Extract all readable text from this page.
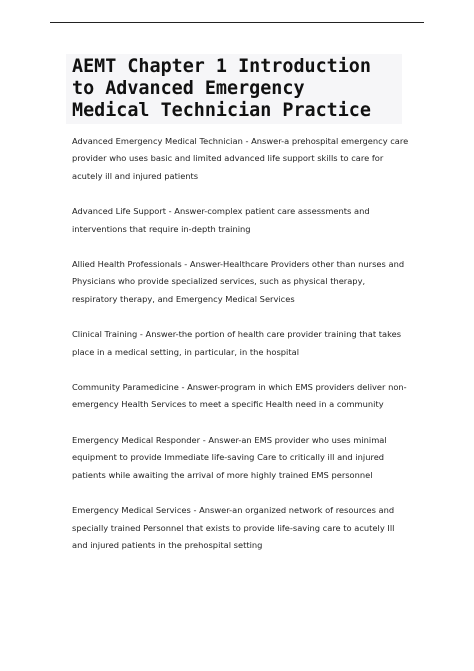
AEMT Chapter 1 Introduction
to Advanced Emergency
Medical Technician Practice

Advanced Emergency Medical Technician - Answer-a prehospital emergency care provider who uses basic and limited advanced life support skills to care for acutely ill and injured patients

Advanced Life Support - Answer-complex patient care assessments and interventions that require in-depth training

Allied Health Professionals - Answer-Healthcare Providers other than nurses and Physicians who provide specialized services, such as physical therapy, respiratory therapy, and Emergency Medical Services

Clinical Training - Answer-the portion of health care provider training that takes place in a medical setting, in particular, in the hospital

Community Paramedicine - Answer-program in which EMS providers deliver non-emergency Health Services to meet a specific Health need in a community

Emergency Medical Responder - Answer-an EMS provider who uses minimal equipment to provide Immediate life-saving Care to critically ill and injured patients while awaiting the arrival of more highly trained EMS personnel

Emergency Medical Services - Answer-an organized network of resources and specially trained Personnel that exists to provide life-saving care to acutely Ill and injured patients in the prehospital setting
